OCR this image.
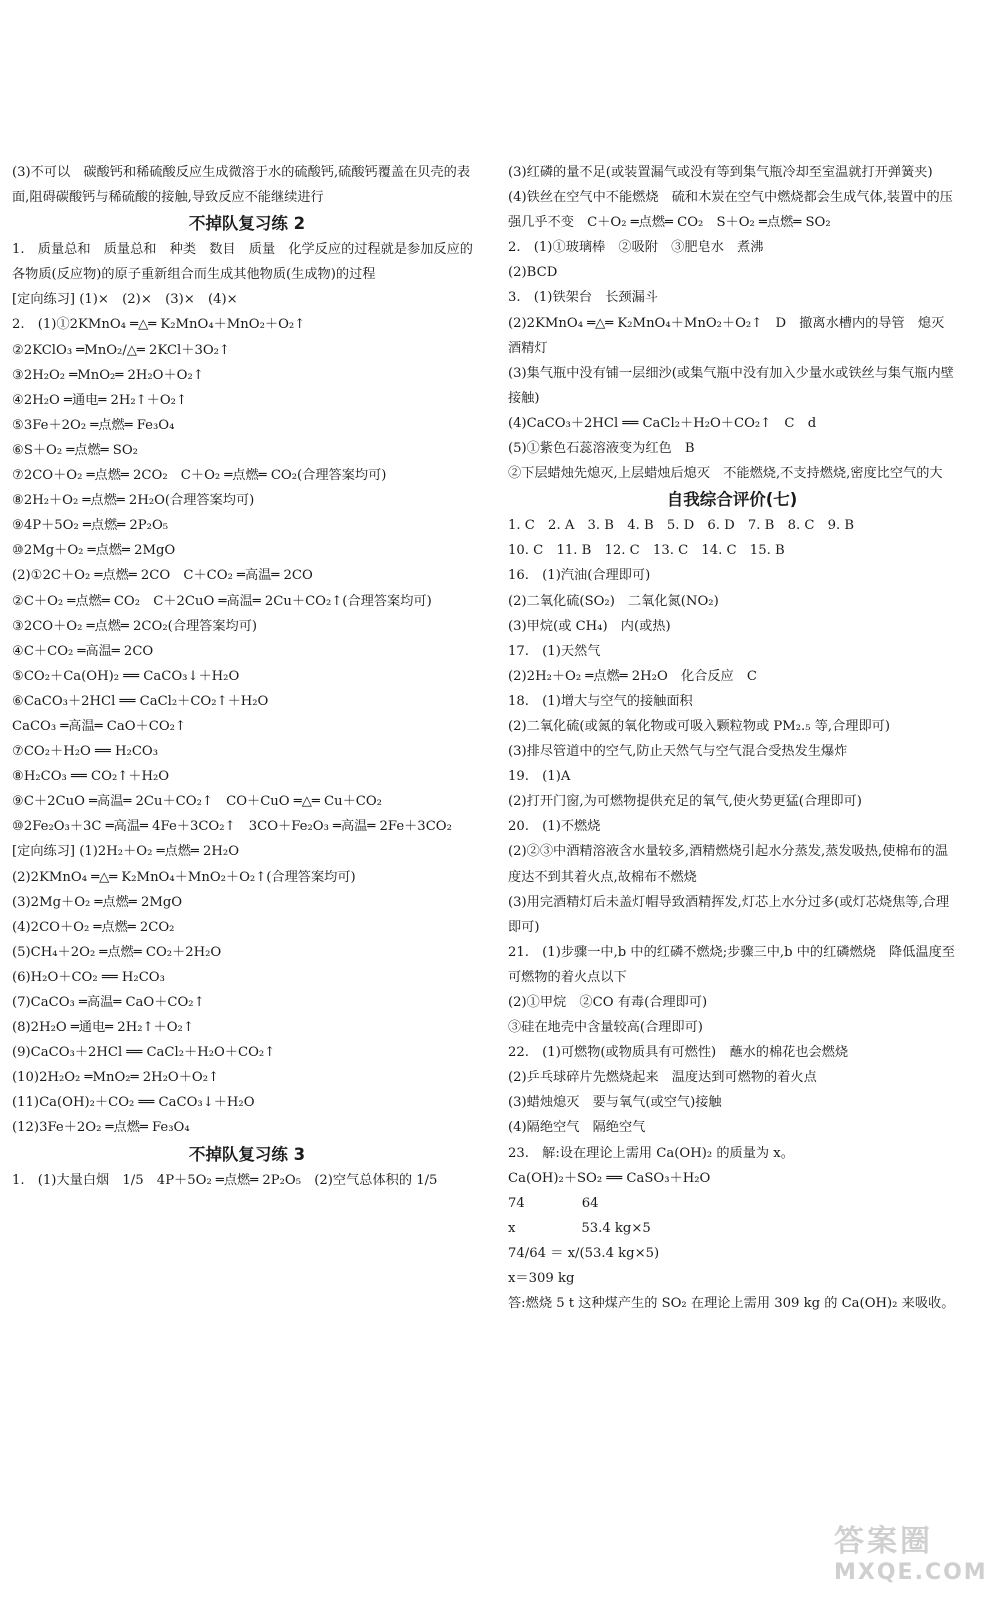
(3)不可以　碳酸钙和稀硫酸反应生成微溶于水的硫酸钙,硫酸钙覆盖在贝壳的表面,阻碍碳酸钙与稀硫酸的接触,导致反应不能继续进行
不掉队复习练 2
1.　质量总和　质量总和　种类　数目　质量　化学反应的过程就是参加反应的各物质(反应物)的原子重新组合而生成其他物质(生成物)的过程
[定向练习] (1)×　(2)×　(3)×　(4)×
2.　(1)①2KMnO₄ ═△═ K₂MnO₄＋MnO₂＋O₂↑
②2KClO₃ ═MnO₂/△═ 2KCl＋3O₂↑
③2H₂O₂ ═MnO₂═ 2H₂O＋O₂↑
④2H₂O ═通电═ 2H₂↑＋O₂↑
⑤3Fe＋2O₂ ═点燃═ Fe₃O₄
⑥S＋O₂ ═点燃═ SO₂
⑦2CO＋O₂ ═点燃═ 2CO₂　C＋O₂ ═点燃═ CO₂(合理答案均可)
⑧2H₂＋O₂ ═点燃═ 2H₂O(合理答案均可)
⑨4P＋5O₂ ═点燃═ 2P₂O₅
⑩2Mg＋O₂ ═点燃═ 2MgO
(2)①2C＋O₂ ═点燃═ 2CO　C＋CO₂ ═高温═ 2CO
②C＋O₂ ═点燃═ CO₂　C＋2CuO ═高温═ 2Cu＋CO₂↑(合理答案均可)
③2CO＋O₂ ═点燃═ 2CO₂(合理答案均可)
④C＋CO₂ ═高温═ 2CO
⑤CO₂＋Ca(OH)₂ ══ CaCO₃↓＋H₂O
⑥CaCO₃＋2HCl ══ CaCl₂＋CO₂↑＋H₂O
CaCO₃ ═高温═ CaO＋CO₂↑
⑦CO₂＋H₂O ══ H₂CO₃
⑧H₂CO₃ ══ CO₂↑＋H₂O
⑨C＋2CuO ═高温═ 2Cu＋CO₂↑　CO＋CuO ═△═ Cu＋CO₂
⑩2Fe₂O₃＋3C ═高温═ 4Fe＋3CO₂↑　3CO＋Fe₂O₃ ═高温═ 2Fe＋3CO₂
[定向练习] (1)2H₂＋O₂ ═点燃═ 2H₂O
(2)2KMnO₄ ═△═ K₂MnO₄＋MnO₂＋O₂↑(合理答案均可)
(3)2Mg＋O₂ ═点燃═ 2MgO
(4)2CO＋O₂ ═点燃═ 2CO₂
(5)CH₄＋2O₂ ═点燃═ CO₂＋2H₂O
(6)H₂O＋CO₂ ══ H₂CO₃
(7)CaCO₃ ═高温═ CaO＋CO₂↑
(8)2H₂O ═通电═ 2H₂↑＋O₂↑
(9)CaCO₃＋2HCl ══ CaCl₂＋H₂O＋CO₂↑
(10)2H₂O₂ ═MnO₂═ 2H₂O＋O₂↑
(11)Ca(OH)₂＋CO₂ ══ CaCO₃↓＋H₂O
(12)3Fe＋2O₂ ═点燃═ Fe₃O₄
不掉队复习练 3
1.　(1)大量白烟　1/5　4P＋5O₂ ═点燃═ 2P₂O₅　(2)空气总体积的 1/5
(3)红磷的量不足(或装置漏气或没有等到集气瓶冷却至室温就打开弹簧夹)
(4)铁丝在空气中不能燃烧　硫和木炭在空气中燃烧都会生成气体,装置中的压强几乎不变　C＋O₂ ═点燃═ CO₂　S＋O₂ ═点燃═ SO₂
2.　(1)①玻璃棒　②吸附　③肥皂水　煮沸
(2)BCD
3.　(1)铁架台　长颈漏斗
(2)2KMnO₄ ═△═ K₂MnO₄＋MnO₂＋O₂↑　D　撤离水槽内的导管　熄灭酒精灯
(3)集气瓶中没有铺一层细沙(或集气瓶中没有加入少量水或铁丝与集气瓶内壁接触)
(4)CaCO₃＋2HCl ══ CaCl₂＋H₂O＋CO₂↑　C　d
(5)①紫色石蕊溶液变为红色　B
②下层蜡烛先熄灭,上层蜡烛后熄灭　不能燃烧,不支持燃烧,密度比空气的大
自我综合评价(七)
1. C　2. A　3. B　4. B　5. D　6. D　7. B　8. C　9. B
10. C　11. B　12. C　13. C　14. C　15. B
16.　(1)汽油(合理即可)
(2)二氧化硫(SO₂)　二氧化氮(NO₂)
(3)甲烷(或 CH₄)　内(或热)
17.　(1)天然气
(2)2H₂＋O₂ ═点燃═ 2H₂O　化合反应　C
18.　(1)增大与空气的接触面积
(2)二氧化硫(或氮的氧化物或可吸入颗粒物或 PM₂.₅ 等,合理即可)
(3)排尽管道中的空气,防止天然气与空气混合受热发生爆炸
19.　(1)A
(2)打开门窗,为可燃物提供充足的氧气,使火势更猛(合理即可)
20.　(1)不燃烧
(2)②③中酒精溶液含水量较多,酒精燃烧引起水分蒸发,蒸发吸热,使棉布的温度达不到其着火点,故棉布不燃烧
(3)用完酒精灯后未盖灯帽导致酒精挥发,灯芯上水分过多(或灯芯烧焦等,合理即可)
21.　(1)步骤一中,b 中的红磷不燃烧;步骤三中,b 中的红磷燃烧　降低温度至可燃物的着火点以下
(2)①甲烷　②CO 有毒(合理即可)
③硅在地壳中含量较高(合理即可)
22.　(1)可燃物(或物质具有可燃性)　蘸水的棉花也会燃烧
(2)乒乓球碎片先燃烧起来　温度达到可燃物的着火点
(3)蜡烛熄灭　要与氧气(或空气)接触
(4)隔绝空气　隔绝空气
23.　解:设在理论上需用 Ca(OH)₂ 的质量为 x。
Ca(OH)₂＋SO₂ ══ CaSO₃＋H₂O
74　　　　 64
x　　　　　53.4 kg×5
74/64 ＝ x/(53.4 kg×5)
x＝309 kg
答:燃烧 5 t 这种煤产生的 SO₂ 在理论上需用 309 kg 的 Ca(OH)₂ 来吸收。
答案圈
MXQE.COM
